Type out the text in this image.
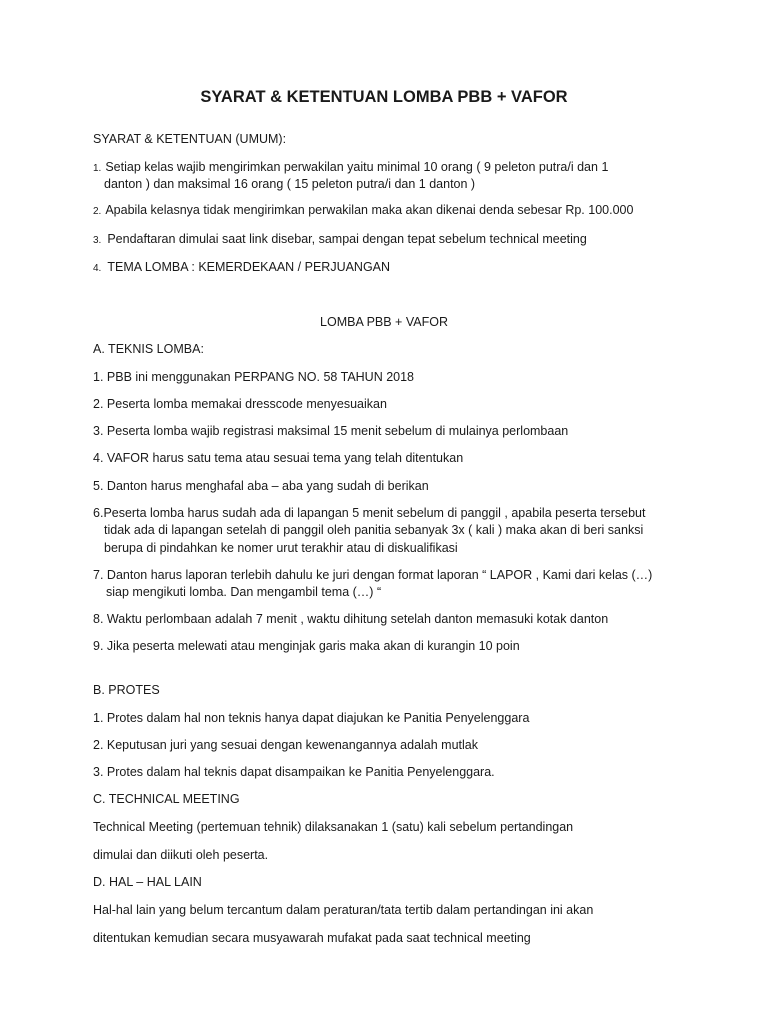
SYARAT & KETENTUAN LOMBA PBB + VAFOR
SYARAT & KETENTUAN (UMUM):
1. Setiap kelas wajib mengirimkan perwakilan yaitu minimal 10 orang ( 9 peleton putra/i dan 1
danton ) dan maksimal 16 orang ( 15 peleton putra/i dan 1 danton )
2. Apabila kelasnya tidak mengirimkan perwakilan maka akan dikenai denda sebesar Rp. 100.000
3. Pendaftaran dimulai saat link disebar, sampai dengan tepat sebelum technical meeting
4. TEMA LOMBA : KEMERDEKAAN / PERJUANGAN
LOMBA PBB + VAFOR
A. TEKNIS LOMBA:
1. PBB ini menggunakan PERPANG NO. 58 TAHUN 2018
2. Peserta lomba memakai dresscode menyesuaikan
3. Peserta lomba wajib registrasi maksimal 15 menit sebelum di mulainya perlombaan
4. VAFOR harus satu tema atau sesuai tema yang telah ditentukan
5. Danton harus menghafal aba – aba yang sudah di berikan
6.Peserta lomba harus sudah ada di lapangan 5 menit sebelum di panggil , apabila peserta tersebut
tidak ada di lapangan setelah di panggil oleh panitia sebanyak 3x ( kali ) maka akan di beri sanksi
berupa di pindahkan ke nomer urut terakhir atau di diskualifikasi
7. Danton harus laporan terlebih dahulu ke juri dengan format laporan “ LAPOR , Kami dari kelas (…)
siap mengikuti lomba. Dan mengambil tema (…) “
8. Waktu perlombaan adalah 7 menit , waktu dihitung setelah danton memasuki kotak danton
9. Jika peserta melewati atau menginjak garis maka akan di kurangin 10 poin
B. PROTES
1. Protes dalam hal non teknis hanya dapat diajukan ke Panitia Penyelenggara
2. Keputusan juri yang sesuai dengan kewenangannya adalah mutlak
3. Protes dalam hal teknis dapat disampaikan ke Panitia Penyelenggara.
C. TECHNICAL MEETING
Technical Meeting (pertemuan tehnik) dilaksanakan 1 (satu) kali sebelum pertandingan
dimulai dan diikuti oleh peserta.
D. HAL – HAL LAIN
Hal-hal lain yang belum tercantum dalam peraturan/tata tertib dalam pertandingan ini akan
ditentukan kemudian secara musyawarah mufakat pada saat technical meeting
